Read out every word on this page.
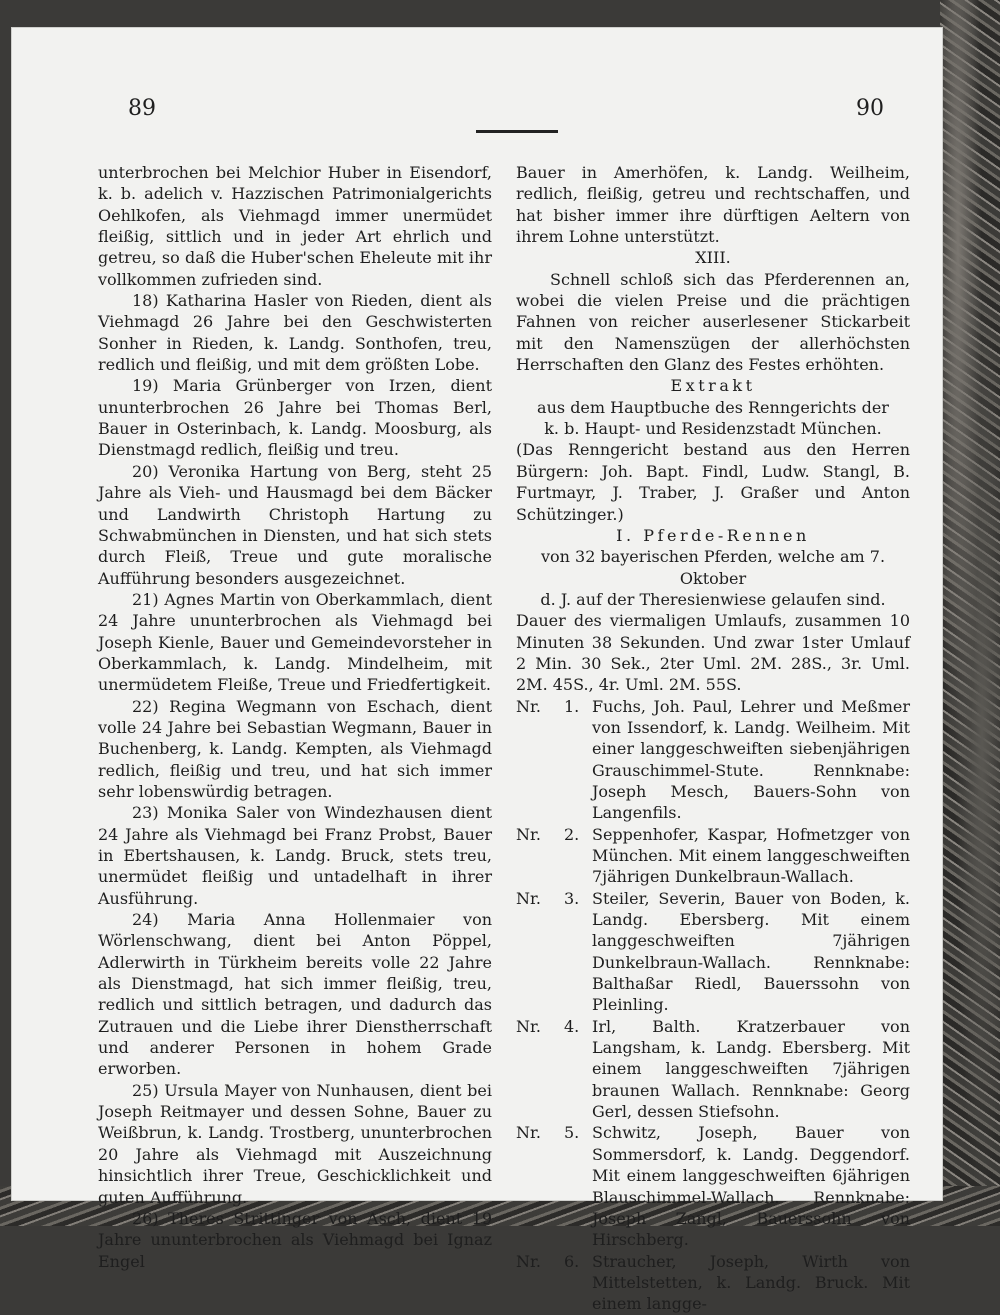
89	90

unterbrochen bei Melchior Huber in Eisendorf, k. b. adelich v. Hazzischen Patrimonialgerichts Oehlkofen, als Viehmagd immer unermüdet fleißig, sittlich und in jeder Art ehrlich und getreu, so daß die Huber'schen Eheleute mit ihr vollkommen zufrieden sind.

18) Katharina Hasler von Rieden, dient als Viehmagd 26 Jahre bei den Geschwisterten Sonher in Rieden, k. Landg. Sonthofen, treu, redlich und fleißig, und mit dem größten Lobe.

19) Maria Grünberger von Irzen, dient ununterbrochen 26 Jahre bei Thomas Berl, Bauer in Osterinbach, k. Landg. Moosburg, als Dienstmagd redlich, fleißig und treu.

20) Veronika Hartung von Berg, steht 25 Jahre als Vieh- und Hausmagd bei dem Bäcker und Landwirth Christoph Hartung zu Schwabmünchen in Diensten, und hat sich stets durch Fleiß, Treue und gute moralische Aufführung besonders ausgezeichnet.

21) Agnes Martin von Oberkammlach, dient 24 Jahre ununterbrochen als Viehmagd bei Joseph Kienle, Bauer und Gemeindevorsteher in Oberkammlach, k. Landg. Mindelheim, mit unermüdetem Fleiße, Treue und Friedfertigkeit.

22) Regina Wegmann von Eschach, dient volle 24 Jahre bei Sebastian Wegmann, Bauer in Buchenberg, k. Landg. Kempten, als Viehmagd redlich, fleißig und treu, und hat sich immer sehr lobenswürdig betragen.

23) Monika Saler von Windezhausen dient 24 Jahre als Viehmagd bei Franz Probst, Bauer in Ebertshausen, k. Landg. Bruck, stets treu, unermüdet fleißig und untadelhaft in ihrer Ausführung.

24) Maria Anna Hollenmaier von Wörlenschwang, dient bei Anton Pöppel, Adlerwirth in Türkheim bereits volle 22 Jahre als Dienstmagd, hat sich immer fleißig, treu, redlich und sittlich betragen, und dadurch das Zutrauen und die Liebe ihrer Dienstherrschaft und anderer Personen in hohem Grade erworben.

25) Ursula Mayer von Nunhausen, dient bei Joseph Reitmayer und dessen Sohne, Bauer zu Weißbrun, k. Landg. Trostberg, ununterbrochen 20 Jahre als Viehmagd mit Auszeichnung hinsichtlich ihrer Treue, Geschicklichkeit und guten Aufführung.

26) Theres Strittinger von Asch, dient 19 Jahre ununterbrochen als Viehmagd bei Ignaz Engel

Bauer in Amerhöfen, k. Landg. Weilheim, redlich, fleißig, getreu und rechtschaffen, und hat bisher immer ihre dürftigen Aeltern von ihrem Lohne unterstützt.

XIII.

Schnell schloß sich das Pferderennen an, wobei die vielen Preise und die prächtigen Fahnen von reicher auserlesener Stickarbeit mit den Namenszügen der allerhöchsten Herrschaften den Glanz des Festes erhöhten.

Extrakt

aus dem Hauptbuche des Renngerichts der

k. b. Haupt- und Residenzstadt München.

(Das Renngericht bestand aus den Herren Bürgern: Joh. Bapt. Findl, Ludw. Stangl, B. Furtmayr, J. Traber, J. Graßer und Anton Schützinger.)

I. Pferde-Rennen

von 32 bayerischen Pferden, welche am 7. Oktober

d. J. auf der Theresienwiese gelaufen sind.

Dauer des viermaligen Umlaufs, zusammen 10 Minuten 38 Sekunden. Und zwar 1ster Umlauf 2 Min. 30 Sek., 2ter Uml. 2M. 28S., 3r. Uml. 2M. 45S., 4r. Uml. 2M. 55S.

Nr.	1. Fuchs, Joh. Paul, Lehrer und Meßmer von Issendorf, k. Landg. Weilheim. Mit einer langgeschweiften siebenjährigen Grauschimmel-Stute. Rennknabe: Joseph Mesch, Bauers-Sohn von Langenfils.

Nr.	2. Seppenhofer, Kaspar, Hofmetzger von München. Mit einem langgeschweiften 7jährigen Dunkelbraun-Wallach.

Nr.	3. Steiler, Severin, Bauer von Boden, k. Landg. Ebersberg. Mit einem langgeschweiften 7jährigen Dunkelbraun-Wallach. Rennknabe: Balthaßar Riedl, Bauerssohn von Pleinling.

Nr.	4. Irl, Balth. Kratzerbauer von Langsham, k. Landg. Ebersberg. Mit einem langgeschweiften 7jährigen braunen Wallach. Rennknabe: Georg Gerl, dessen Stiefsohn.

Nr.	5. Schwitz, Joseph, Bauer von Sommersdorf, k. Landg. Deggendorf. Mit einem langgeschweiften 6jährigen Blauschimmel-Wallach. Rennknabe: Joseph Zangl, Bauerssohn von Hirschberg.

Nr.	6. Straucher, Joseph, Wirth von Mittelstetten, k. Landg. Bruck. Mit einem langge-
